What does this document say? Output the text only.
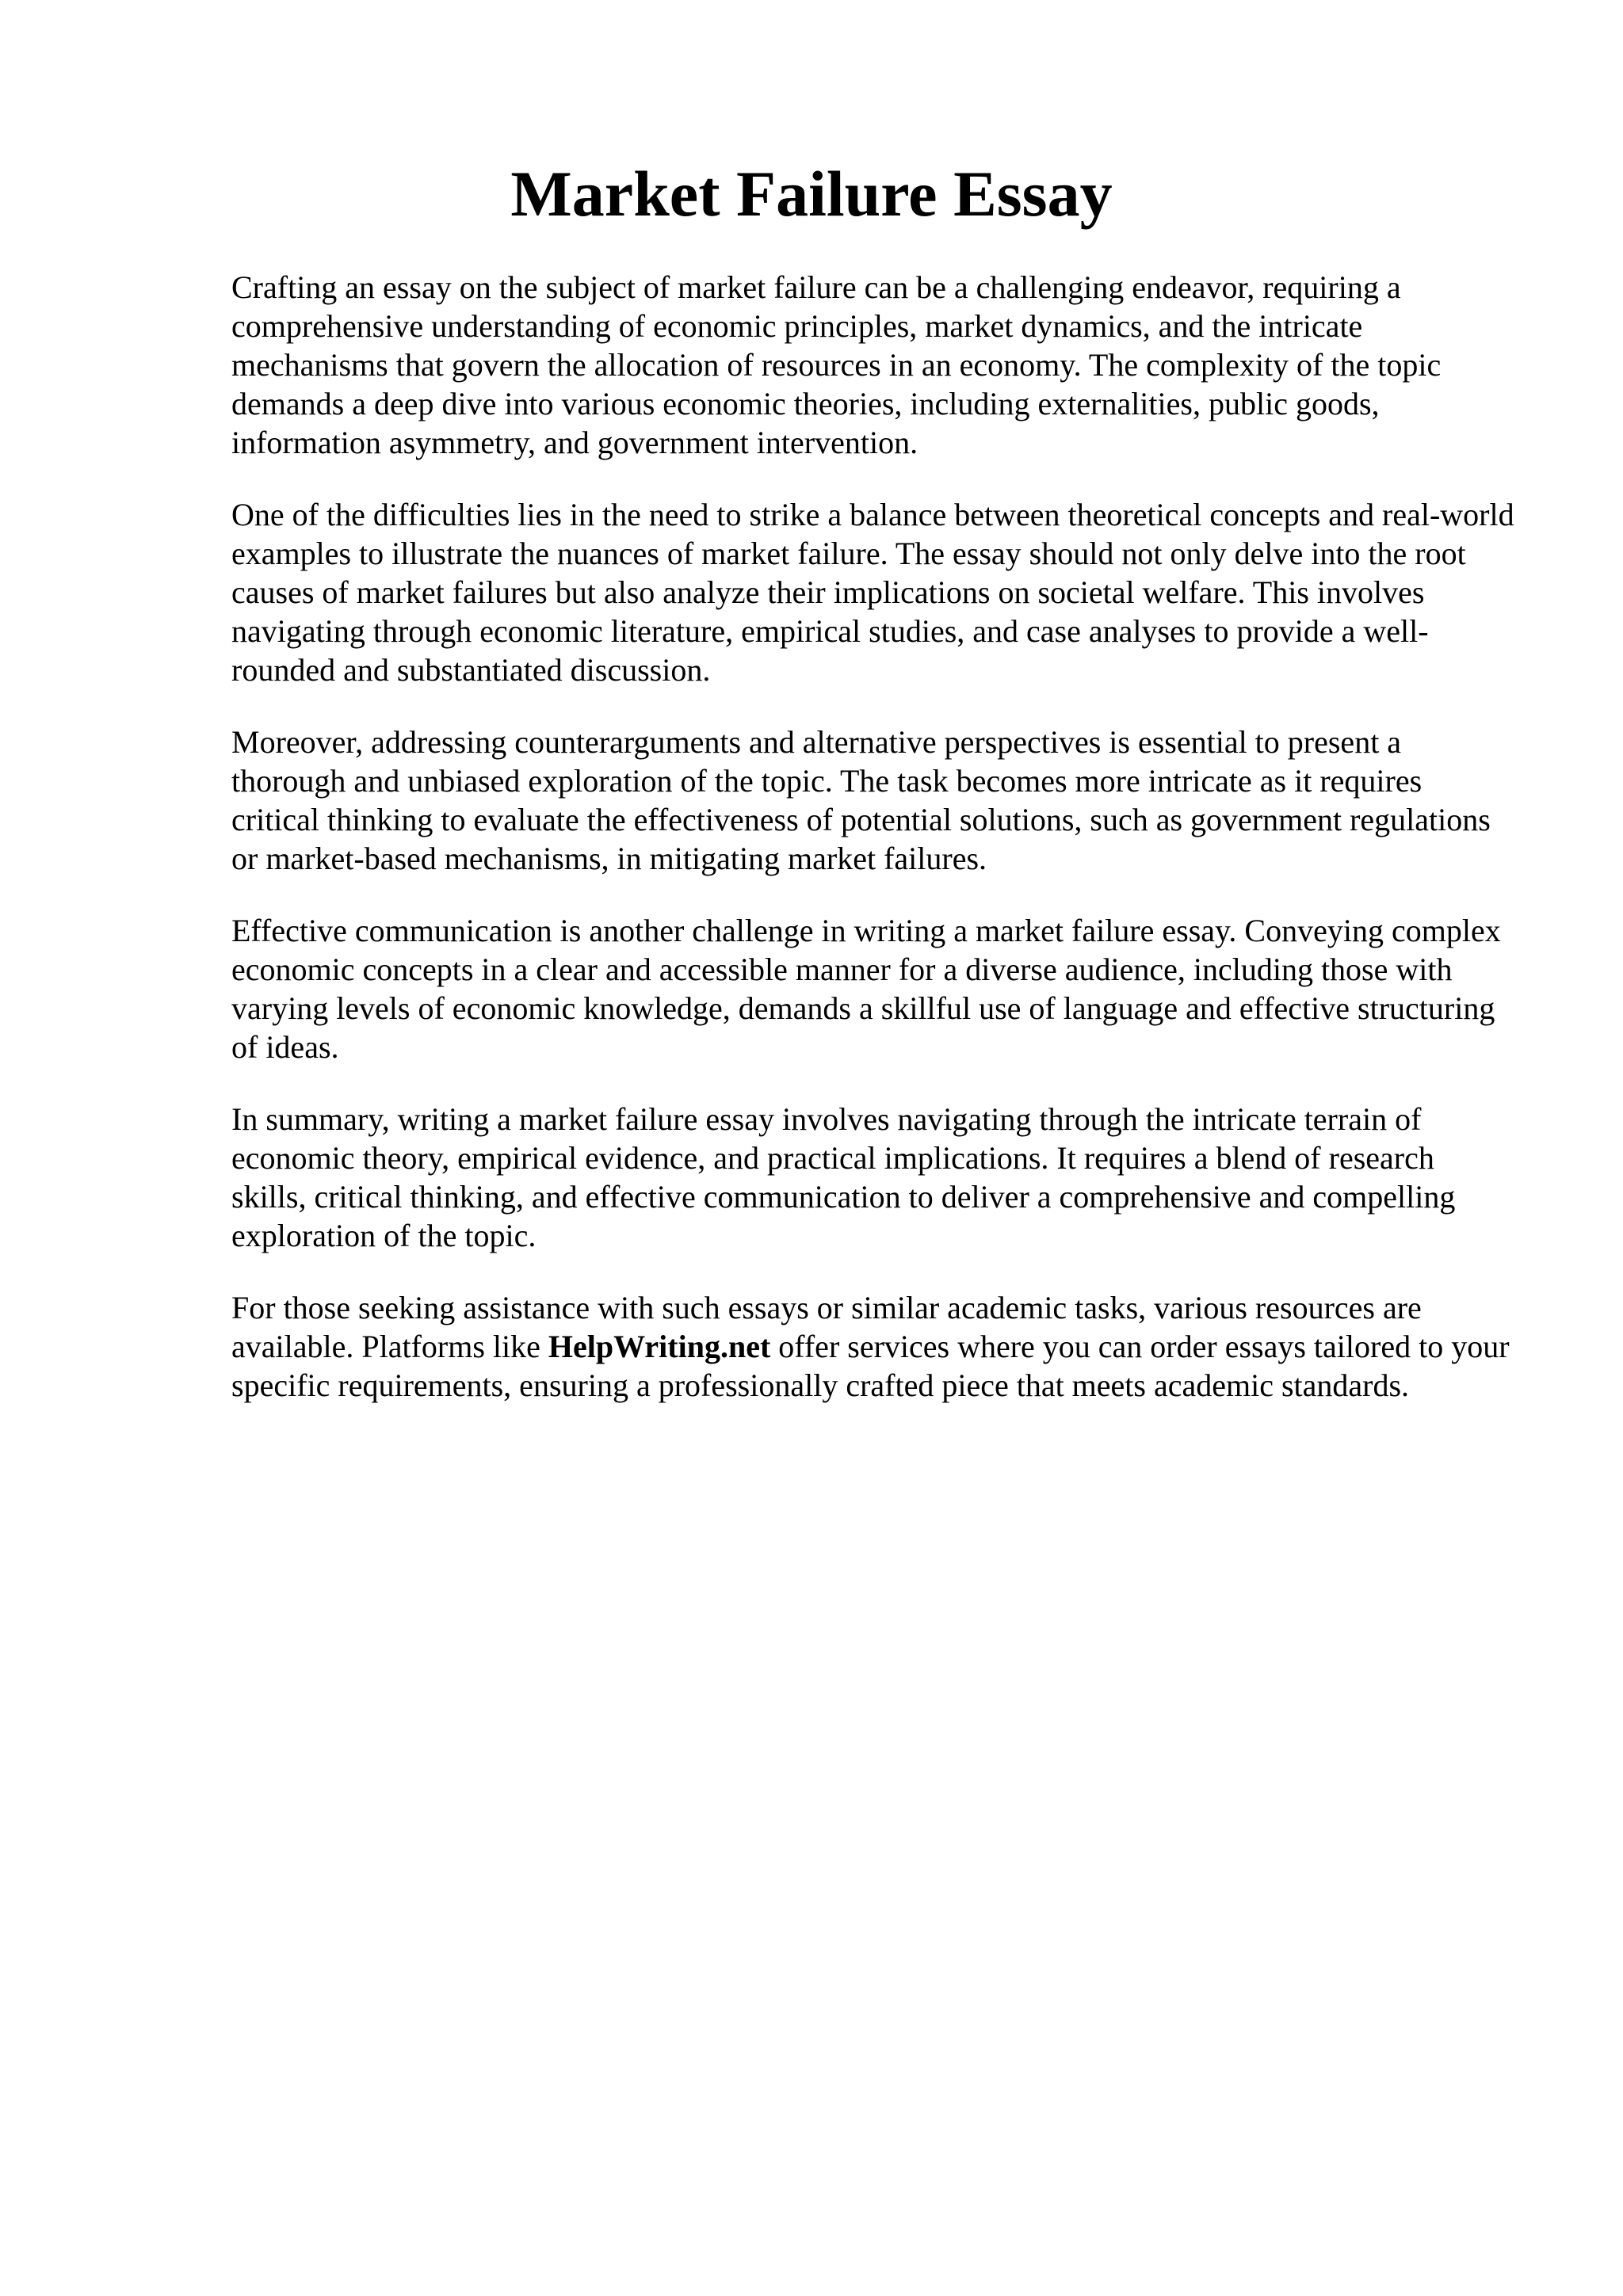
Market Failure Essay

Crafting an essay on the subject of market failure can be a challenging endeavor, requiring a comprehensive understanding of economic principles, market dynamics, and the intricate mechanisms that govern the allocation of resources in an economy. The complexity of the topic demands a deep dive into various economic theories, including externalities, public goods, information asymmetry, and government intervention.

One of the difficulties lies in the need to strike a balance between theoretical concepts and real-world examples to illustrate the nuances of market failure. The essay should not only delve into the root causes of market failures but also analyze their implications on societal welfare. This involves navigating through economic literature, empirical studies, and case analyses to provide a well-rounded and substantiated discussion.

Moreover, addressing counterarguments and alternative perspectives is essential to present a thorough and unbiased exploration of the topic. The task becomes more intricate as it requires critical thinking to evaluate the effectiveness of potential solutions, such as government regulations or market-based mechanisms, in mitigating market failures.

Effective communication is another challenge in writing a market failure essay. Conveying complex economic concepts in a clear and accessible manner for a diverse audience, including those with varying levels of economic knowledge, demands a skillful use of language and effective structuring of ideas.

In summary, writing a market failure essay involves navigating through the intricate terrain of economic theory, empirical evidence, and practical implications. It requires a blend of research skills, critical thinking, and effective communication to deliver a comprehensive and compelling exploration of the topic.

For those seeking assistance with such essays or similar academic tasks, various resources are available. Platforms like HelpWriting.net offer services where you can order essays tailored to your specific requirements, ensuring a professionally crafted piece that meets academic standards.
